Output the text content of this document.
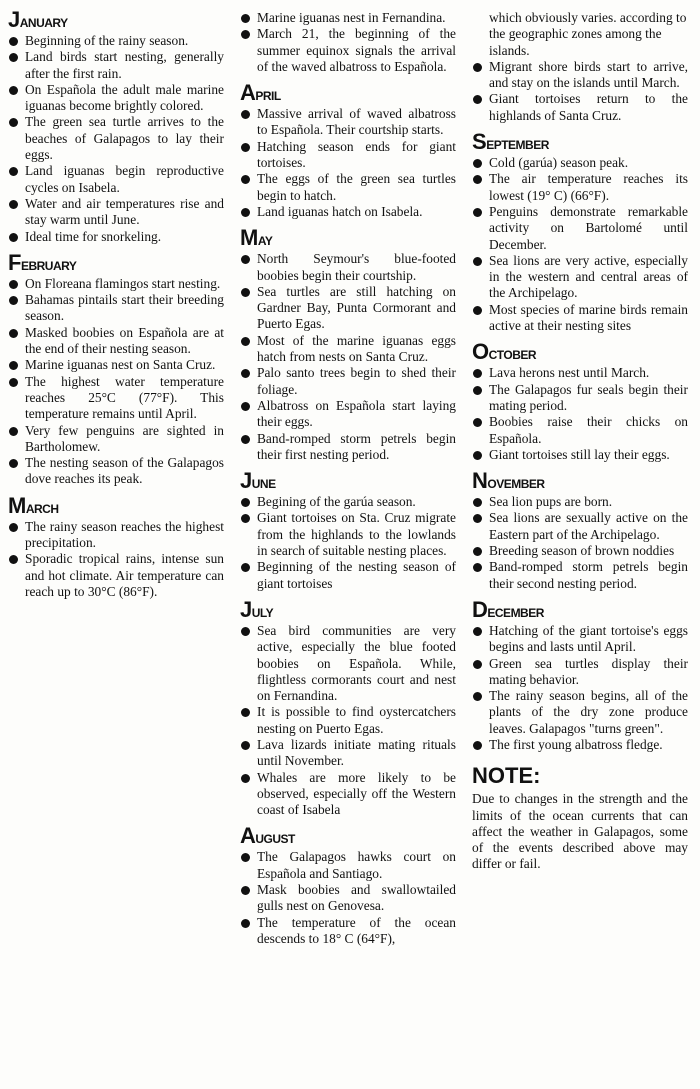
January
Beginning of the rainy season.
Land birds start nesting, generally after the first rain.
On Española the adult male marine iguanas become brightly colored.
The green sea turtle arrives to the beaches of Galapagos to lay their eggs.
Land iguanas begin reproductive cycles on Isabela.
Water and air temperatures rise and stay warm until June.
Ideal time for snorkeling.
February
On Floreana flamingos start nesting.
Bahamas pintails start their breeding season.
Masked boobies on Española are at the end of their nesting season.
Marine iguanas nest on Santa Cruz.
The highest water temperature reaches 25°C (77°F). This temperature remains until April.
Very few penguins are sighted in Bartholomew.
The nesting season of the Galapagos dove reaches its peak.
March
The rainy season reaches the highest precipitation.
Sporadic tropical rains, intense sun and hot climate. Air temperature can reach up to 30°C (86°F).
Marine iguanas nest in Fernandina.
March 21, the beginning of the summer equinox signals the arrival of the waved albatross to Española.
April
Massive arrival of waved albatross to Española. Their courtship starts.
Hatching season ends for giant tortoises.
The eggs of the green sea turtles begin to hatch.
Land iguanas hatch on Isabela.
May
North Seymour's blue-footed boobies begin their courtship.
Sea turtles are still hatching on Gardner Bay, Punta Cormorant and Puerto Egas.
Most of the marine iguanas eggs hatch from nests on Santa Cruz.
Palo santo trees begin to shed their foliage.
Albatross on Española start laying their eggs.
Band-romped storm petrels begin their first nesting period.
June
Begining of the garúa season.
Giant tortoises on Sta. Cruz migrate from the highlands to the lowlands in search of suitable nesting places.
Beginning of the nesting season of giant tortoises
July
Sea bird communities are very active, especially the blue footed boobies on Española. While, flightless cormorants court and nest on Fernandina.
It is possible to find oystercatchers nesting on Puerto Egas.
Lava lizards initiate mating rituals until November.
Whales are more likely to be observed, especially off the Western coast of Isabela
August
The Galapagos hawks court on Española and Santiago.
Mask boobies and swallowtailed gulls nest on Genovesa.
The temperature of the ocean descends to 18° C (64°F),
which obviously varies. according to the geographic zones among the islands.
Migrant shore birds start to arrive, and stay on the islands until March.
Giant tortoises return to the highlands of Santa Cruz.
September
Cold (garúa) season peak.
The air temperature reaches its lowest (19° C) (66°F).
Penguins demonstrate remarkable activity on Bartolomé until December.
Sea lions are very active, especially in the western and central areas of the Archipelago.
Most species of marine birds remain active at their nesting sites
October
Lava herons nest until March.
The Galapagos fur seals begin their mating period.
Boobies raise their chicks on Española.
Giant tortoises still lay their eggs.
November
Sea lion pups are born.
Sea lions are sexually active on the Eastern part of the Archipelago.
Breeding season of brown noddies
Band-romped storm petrels begin their second nesting period.
December
Hatching of the giant tortoise's eggs begins and lasts until April.
Green sea turtles display their mating behavior.
The rainy season begins, all of the plants of the dry zone produce leaves. Galapagos "turns green".
The first young albatross fledge.
NOTE:
Due to changes in the strength and the limits of the ocean currents that can affect the weather in Galapagos, some of the events described above may differ or fail.
